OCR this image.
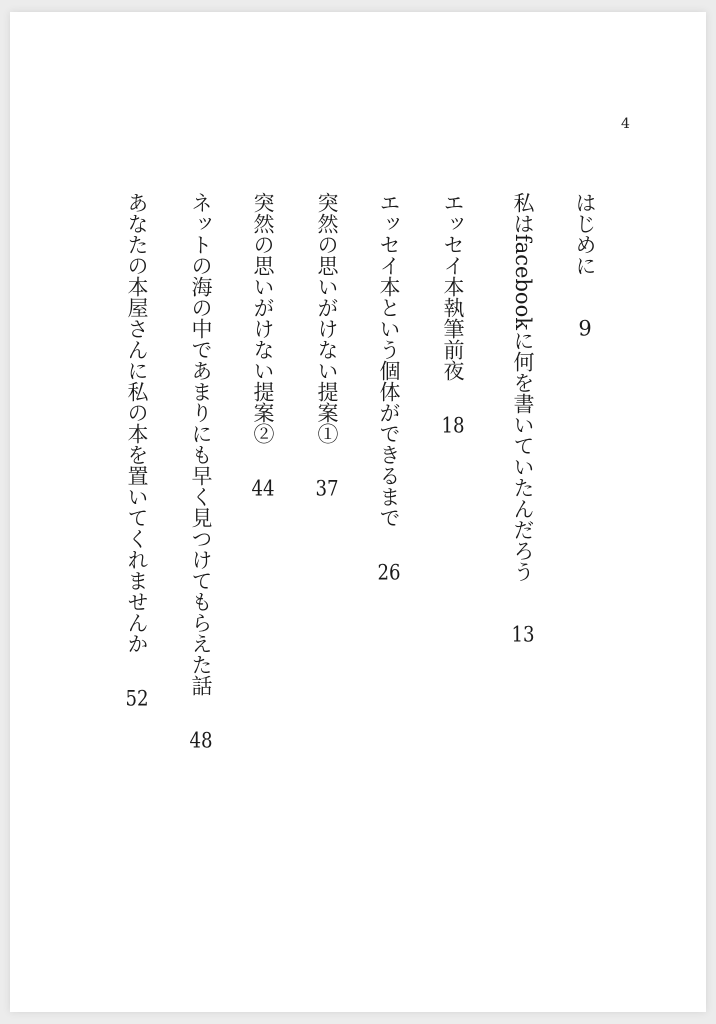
4
はじめに9
私はfacebookに何を書いていたんだろう13
エッセイ本執筆前夜18
エッセイ本という個体ができるまで26
突然の思いがけない提案①37
突然の思いがけない提案②44
ネットの海の中であまりにも早く見つけてもらえた話48
あなたの本屋さんに私の本を置いてくれませんか52
